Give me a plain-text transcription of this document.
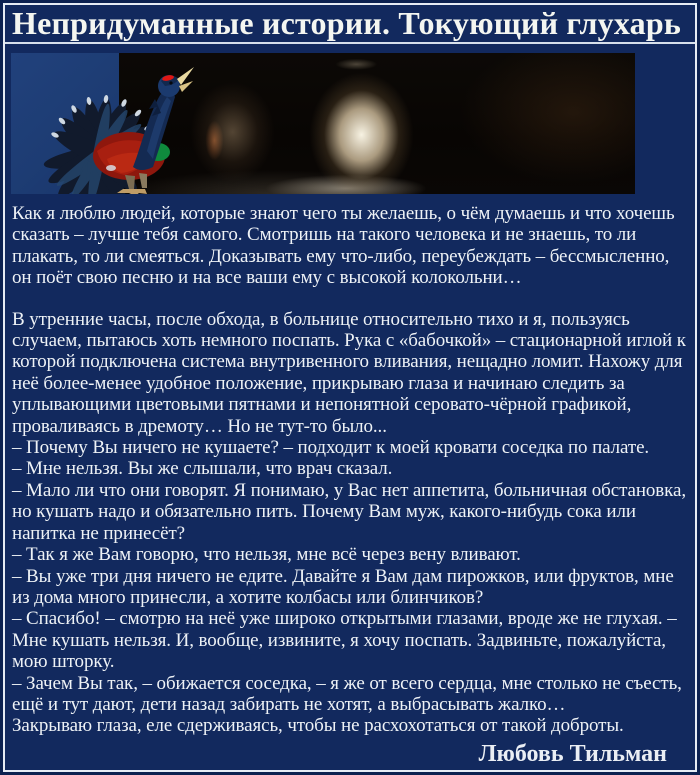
Непридуманные истории. Токующий глухарь

Как я люблю людей, которые знают чего ты желаешь, о чём думаешь и что хочешь сказать – лучше тебя самого. Смотришь на такого человека и не знаешь, то ли плакать, то ли смеяться. Доказывать ему что-либо, переубеждать – бессмысленно, он поёт свою песню и на все ваши ему с высокой колокольни…

В утренние часы, после обхода, в больнице относительно тихо и я, пользуясь случаем, пытаюсь хоть немного поспать. Рука с «бабочкой» – стационарной иглой к которой подключена система внутривенного вливания, нещадно ломит. Нахожу для неё более-менее удобное положение, прикрываю глаза и начинаю следить за уплывающими цветовыми пятнами и непонятной серовато-чёрной графикой, проваливаясь в дремоту… Но не тут-то было...

– Почему Вы ничего не кушаете? – подходит к моей кровати соседка по палате.
– Мне нельзя. Вы же слышали, что врач сказал.
– Мало ли что они говорят. Я понимаю, у Вас нет аппетита, больничная обстановка, но кушать надо и обязательно пить. Почему Вам муж, какого-нибудь сока или напитка не принесёт?
– Так я же Вам говорю, что нельзя, мне всё через вену вливают.
– Вы уже три дня ничего не едите. Давайте я Вам дам пирожков, или фруктов, мне из дома много принесли, а хотите колбасы или блинчиков?
– Спасибо! – смотрю на неё уже широко открытыми глазами, вроде же не глухая. – Мне кушать нельзя. И, вообще, извините, я хочу поспать. Задвиньте, пожалуйста, мою шторку.
– Зачем Вы так, – обижается соседка, – я же от всего сердца, мне столько не съесть, ещё и тут дают, дети назад забирать не хотят, а выбрасывать жалко…
Закрываю глаза, еле сдерживаясь, чтобы не расхохотаться от такой доброты.
Любовь Тильман
